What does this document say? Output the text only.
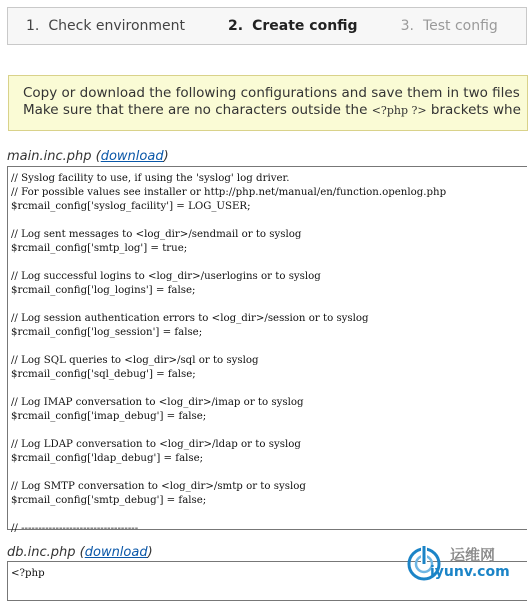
1. Check environment	2. Create config	3. Test config
Copy or download the following configurations and save them in two files
Make sure that there are no characters outside the <?php ?> brackets whe
main.inc.php (download)
// Syslog facility to use, if using the 'syslog' log driver.
// For possible values see installer or http://php.net/manual/en/function.openlog.php
$rcmail_config['syslog_facility'] = LOG_USER;

// Log sent messages to <log_dir>/sendmail or to syslog
$rcmail_config['smtp_log'] = true;

// Log successful logins to <log_dir>/userlogins or to syslog
$rcmail_config['log_logins'] = false;

// Log session authentication errors to <log_dir>/session or to syslog
$rcmail_config['log_session'] = false;

// Log SQL queries to <log_dir>/sql or to syslog
$rcmail_config['sql_debug'] = false;

// Log IMAP conversation to <log_dir>/imap or to syslog
$rcmail_config['imap_debug'] = false;

// Log LDAP conversation to <log_dir>/ldap or to syslog
$rcmail_config['ldap_debug'] = false;

// Log SMTP conversation to <log_dir>/smtp or to syslog
$rcmail_config['smtp_debug'] = false;

// ----------------------------------
db.inc.php (download)
<?php
运维网
iyunv.com
